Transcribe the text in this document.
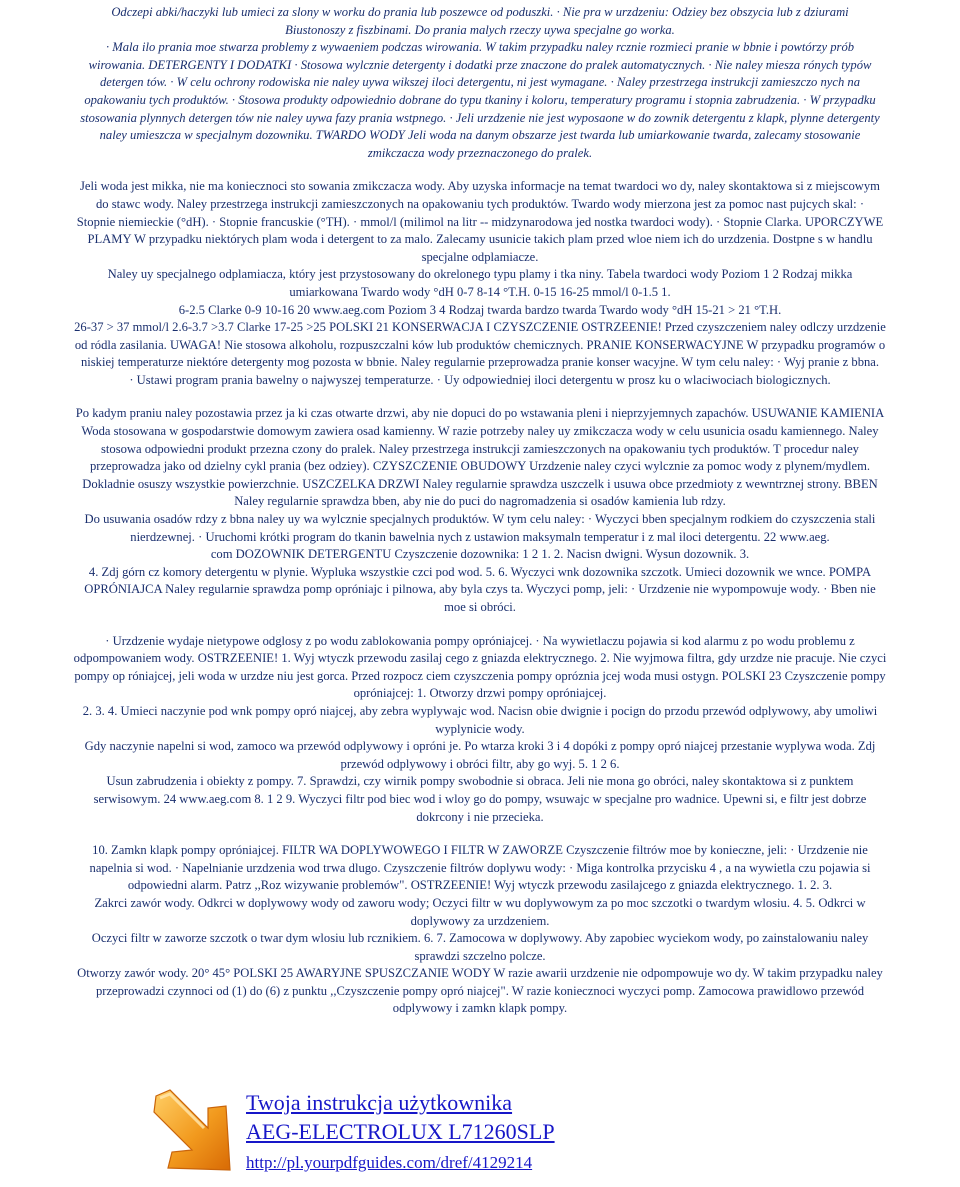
Odczepi abki/haczyki lub umieci za slony w worku do prania lub poszewce od poduszki. · Nie pra w urzdzeniu: Odziey bez obszycia lub z dziurami
Biustonoszy z fiszbinami. Do prania malych rzeczy uywa specjalne go worka.
· Mala ilo prania moe stwarza problemy z wywaeniem podczas wirowania. W takim przypadku naley rcznie rozmieci pranie w bbnie i powtórzy prób
wirowania. DETERGENTY I DODATKI · Stosowa wylcznie detergenty i dodatki prze znaczone do pralek automatycznych. · Nie naley miesza rónych typów
detergen tów. · W celu ochrony rodowiska nie naley uywa wikszej iloci detergentu, ni jest wymagane. · Naley przestrzega instrukcji zamieszczo nych na
opakowaniu tych produktów. · Stosowa produkty odpowiednio dobrane do typu tkaniny i koloru, temperatury programu i stopnia zabrudzenia. · W przypadku
stosowania plynnych detergen tów nie naley uywa fazy prania wstpnego. · Jeli urzdzenie nie jest wyposaone w do zownik detergentu z klapk, plynne detergenty
naley umieszcza w specjalnym dozowniku. TWARDO WODY Jeli woda na danym obszarze jest twarda lub umiarkowanie twarda, zalecamy stosowanie
zmikczacza wody przeznaczonego do pralek.

Jeli woda jest mikka, nie ma koniecznoci sto sowania zmikczacza wody. Aby uzyska informacje na temat twardoci wo dy, naley skontaktowa si z miejscowym
do stawc wody. Naley przestrzega instrukcji zamieszczonych na opakowaniu tych produktów. Twardo wody mierzona jest za pomoc nast pujcych skal: ·
Stopnie niemieckie (°dH). · Stopnie francuskie (°TH). · mmol/l (milimol na litr -- midzynarodowa jed nostka twardoci wody). · Stopnie Clarka. UPORCZYWE
PLAMY W przypadku niektórych plam woda i detergent to za malo. Zalecamy usunicie takich plam przed wloe niem ich do urzdzenia. Dostpne s w handlu
specjalne odplamiacze.
Naley uy specjalnego odplamiacza, który jest przystosowany do okrelonego typu plamy i tka niny. Tabela twardoci wody Poziom 1 2 Rodzaj mikka
umiarkowana Twardo wody °dH 0-7 8-14 °T.H. 0-15 16-25 mmol/l 0-1.5 1.
6-2.5 Clarke 0-9 10-16 20 www.aeg.com Poziom 3 4 Rodzaj twarda bardzo twarda Twardo wody °dH 15-21 > 21 °T.H.
26-37 > 37 mmol/l 2.6-3.7 >3.7 Clarke 17-25 >25 POLSKI 21 KONSERWACJA I CZYSZCZENIE OSTRZEENIE! Przed czyszczeniem naley odlczy urzdzenie
od ródla zasilania. UWAGA! Nie stosowa alkoholu, rozpuszczalni ków lub produktów chemicznych. PRANIE KONSERWACYJNE W przypadku programów o
niskiej temperaturze niektóre detergenty mog pozosta w bbnie. Naley regularnie przeprowadza pranie konser wacyjne. W tym celu naley: · Wyj pranie z bbna.
· Ustawi program prania bawelny o najwyszej temperaturze. · Uy odpowiedniej iloci detergentu w prosz ku o wlaciwociach biologicznych.

Po kadym praniu naley pozostawia przez ja ki czas otwarte drzwi, aby nie dopuci do po wstawania pleni i nieprzyjemnych zapachów. USUWANIE KAMIENIA
Woda stosowana w gospodarstwie domowym zawiera osad kamienny. W razie potrzeby naley uy zmikczacza wody w celu usunicia osadu kamiennego. Naley
stosowa odpowiedni produkt przezna czony do pralek. Naley przestrzega instrukcji zamieszczonych na opakowaniu tych produktów. T procedur naley
przeprowadza jako od dzielny cykl prania (bez odziey). CZYSZCZENIE OBUDOWY Urzdzenie naley czyci wylcznie za pomoc wody z plynem/mydlem.
Dokladnie osuszy wszystkie powierzchnie. USZCZELKA DRZWI Naley regularnie sprawdza uszczelk i usuwa obce przedmioty z wewntrznej strony. BBEN
Naley regularnie sprawdza bben, aby nie do puci do nagromadzenia si osadów kamienia lub rdzy.
Do usuwania osadów rdzy z bbna naley uy wa wylcznie specjalnych produktów. W tym celu naley: · Wyczyci bben specjalnym rodkiem do czyszczenia stali
nierdzewnej. · Uruchomi krótki program do tkanin bawelnia nych z ustawion maksymaln temperatur i z mal iloci detergentu. 22 www.aeg.
com DOZOWNIK DETERGENTU Czyszczenie dozownika: 1 2 1. 2. Nacisn dwigni. Wysun dozownik. 3.
4. Zdj górn cz komory detergentu w plynie. Wyplukа wszystkie czci pod wod. 5. 6. Wyczyci wnk dozownika szczotk. Umieci dozownik we wnce. POMPA
OPRÓNIAJCA Naley regularnie sprawdza pomp opróniajc i pilnowa, aby byla czys ta. Wyczyci pomp, jeli: · Urzdzenie nie wypompowuje wody. · Bben nie
moe si obróci.

· Urzdzenie wydaje nietypowe odglosy z po wodu zablokowania pompy opróniajcej. · Na wywietlaczu pojawia si kod alarmu z po wodu problemu z
odpompowaniem wody. OSTRZEENIE! 1. Wyj wtyczk przewodu zasilaj cego z gniazda elektrycznego. 2. Nie wyjmowa filtra, gdy urzdze nie pracuje. Nie czyci
pompy op róniajcej, jeli woda w urzdze niu jest gorca. Przed rozpocz ciem czyszczenia pompy opróznia jcej woda musi ostygn. POLSKI 23 Czyszczenie pompy
opróniajcej: 1. Otworzy drzwi pompy opróniajcej.
2. 3. 4. Umieci naczynie pod wnk pompy opró niajcej, aby zebra wyplywajc wod. Nacisn obie dwignie i pocign do przodu przewód odplywowy, aby umoliwi
wyplynicie wody.
Gdy naczynie napelni si wod, zamoco wa przewód odplywowy i opróni je. Po wtarza kroki 3 i 4 dopóki z pompy opró niajcej przestanie wyplywa woda. Zdj
przewód odplywowy i obróci filtr, aby go wyj. 5. 1 2 6.
Usun zabrudzenia i obiekty z pompy. 7. Sprawdzi, czy wirnik pompy swobodnie si obraca. Jeli nie mona go obróci, naley skontaktowa si z punktem
serwisowym. 24 www.aeg.com 8. 1 2 9. Wyczyci filtr pod biec wod i wloy go do pompy, wsuwajc w specjalne pro wadnice. Upewni si, e filtr jest dobrze
dokrcony i nie przecieka.

10. Zamkn klapk pompy opróniajcej. FILTR WA DOPLYWOWEGO I FILTR W ZAWORZE Czyszczenie filtrów moe by konieczne, jeli: · Urzdzenie nie
napelnia si wod. · Napelnianie urzdzenia wod trwa dlugo. Czyszczenie filtrów doplywu wody: · Miga kontrolka przycisku 4 , a na wywietla czu pojawia si
odpowiedni alarm. Patrz ,,Roz wizywanie problemów". OSTRZEENIE! Wyj wtyczk przewodu zasilajcego z gniazda elektrycznego. 1. 2. 3.
Zakrci zawór wody. Odkrci w doplywowy wody od zaworu wody; Oczyci filtr w wu doplywowym za po moc szczotki o twardym wlosiu. 4. 5. Odkrci w
doplywowy za urzdzeniem.
Oczyci filtr w zaworze szczotk o twar dym wlosiu lub rcznikiem. 6. 7. Zamocowa w doplywowy. Aby zapobiec wyciekom wody, po zainstalowaniu naley
sprawdzi szczelno polcze.
Otworzy zawór wody. 20° 45° POLSKI 25 AWARYJNE SPUSZCZANIE WODY W razie awarii urzdzenie nie odpompowuje wo dy. W takim przypadku naley
przeprowadzi czynnoci od (1) do (6) z punktu ,,Czyszczenie pompy opró niajcej". W razie koniecznoci wyczyci pomp. Zamocowa prawidlowo przewód
odplywowy i zamkn klapk pompy.

Twoja instrukcja użytkownika
AEG-ELECTROLUX L71260SLP
http://pl.yourpdfguides.com/dref/4129214
